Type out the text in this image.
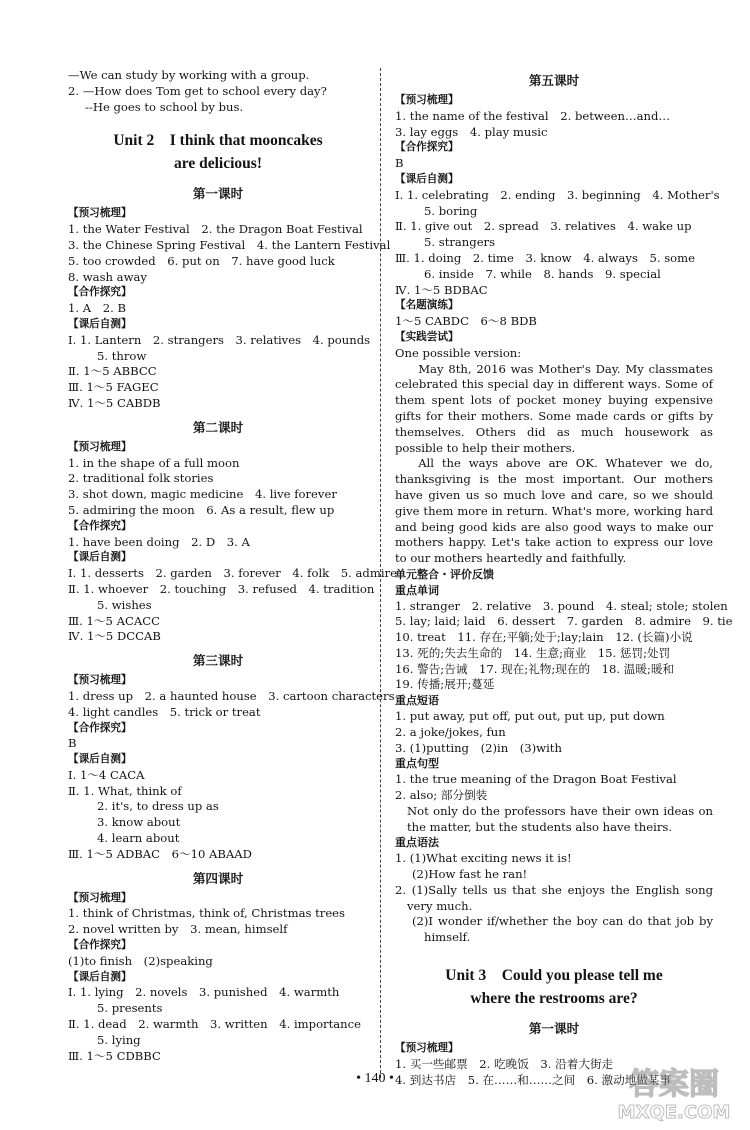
—We can study by working with a group.
2. —How does Tom get to school every day?
--He goes to school by bus.
Unit 2　I think that mooncakes
are delicious!
第一课时
【预习梳理】
1. the Water Festival　2. the Dragon Boat Festival
3. the Chinese Spring Festival　4. the Lantern Festival
5. too crowded　6. put on　7. have good luck
8. wash away
【合作探究】
1. A　2. B
【课后自测】
Ⅰ. 1. Lantern　2. strangers　3. relatives　4. pounds
5. throw
Ⅱ. 1～5 ABBCC
Ⅲ. 1～5 FAGEC
Ⅳ. 1～5 CABDB
第二课时
【预习梳理】
1. in the shape of a full moon
2. traditional folk stories
3. shot down, magic medicine　4. live forever
5. admiring the moon　6. As a result, flew up
【合作探究】
1. have been doing　2. D　3. A
【课后自测】
Ⅰ. 1. desserts　2. garden　3. forever　4. folk　5. admire
Ⅱ. 1. whoever　2. touching　3. refused　4. tradition
5. wishes
Ⅲ. 1～5 ACACC
Ⅳ. 1～5 DCCAB
第三课时
【预习梳理】
1. dress up　2. a haunted house　3. cartoon characters
4. light candles　5. trick or treat
【合作探究】
B
【课后自测】
Ⅰ. 1～4 CACA
Ⅱ. 1. What, think of
2. it's, to dress up as
3. know about
4. learn about
Ⅲ. 1～5 ADBAC　6～10 ABAAD
第四课时
【预习梳理】
1. think of Christmas, think of, Christmas trees
2. novel written by　3. mean, himself
【合作探究】
(1)to finish　(2)speaking
【课后自测】
Ⅰ. 1. lying　2. novels　3. punished　4. warmth
5. presents
Ⅱ. 1. dead　2. warmth　3. written　4. importance
5. lying
Ⅲ. 1～5 CDBBC
第五课时
【预习梳理】
1. the name of the festival　2. between…and…
3. lay eggs　4. play music
【合作探究】
B
【课后自测】
Ⅰ. 1. celebrating　2. ending　3. beginning　4. Mother's
5. boring
Ⅱ. 1. give out　2. spread　3. relatives　4. wake up
5. strangers
Ⅲ. 1. doing　2. time　3. know　4. always　5. some
6. inside　7. while　8. hands　9. special
Ⅳ. 1～5 BDBAC
【名题演练】
1～5 CABDC　6～8 BDB
【实践尝试】
One possible version:
May 8th, 2016 was Mother's Day. My classmates celebrated this special day in different ways. Some of them spent lots of pocket money buying expensive gifts for their mothers. Some made cards or gifts by themselves. Others did as much housework as possible to help their mothers.
All the ways above are OK. Whatever we do, thanksgiving is the most important. Our mothers have given us so much love and care, so we should give them more in return. What's more, working hard and being good kids are also good ways to make our mothers happy. Let's take action to express our love to our mothers heartedly and faithfully.
单元整合・评价反馈
重点单词
1. stranger　2. relative　3. pound　4. steal; stole; stolen
5. lay; laid; laid　6. dessert　7. garden　8. admire　9. tie
10. treat　11. 存在;平躺;处于;lay;lain　12. (长篇)小说
13. 死的;失去生命的　14. 生意;商业　15. 惩罚;处罚
16. 警告;告诫　17. 现在;礼物;现在的　18. 温暖;暖和
19. 传播;展开;蔓延
重点短语
1. put away, put off, put out, put up, put down
2. a joke/jokes, fun
3. (1)putting　(2)in　(3)with
重点句型
1. the true meaning of the Dragon Boat Festival
2. also; 部分倒装
Not only do the professors have their own ideas on the matter, but the students also have theirs.
重点语法
1. (1)What exciting news it is!
(2)How fast he ran!
2. (1)Sally tells us that she enjoys the English song very much.
(2)I wonder if/whether the boy can do that job by himself.
Unit 3　Could you please tell me
where the restrooms are?
第一课时
【预习梳理】
1. 买一些邮票　2. 吃晚饭　3. 沿着大街走
4. 到达书店　5. 在……和……之间　6. 激动地做某事
• 140 •	答案圈
MXQE.COM
